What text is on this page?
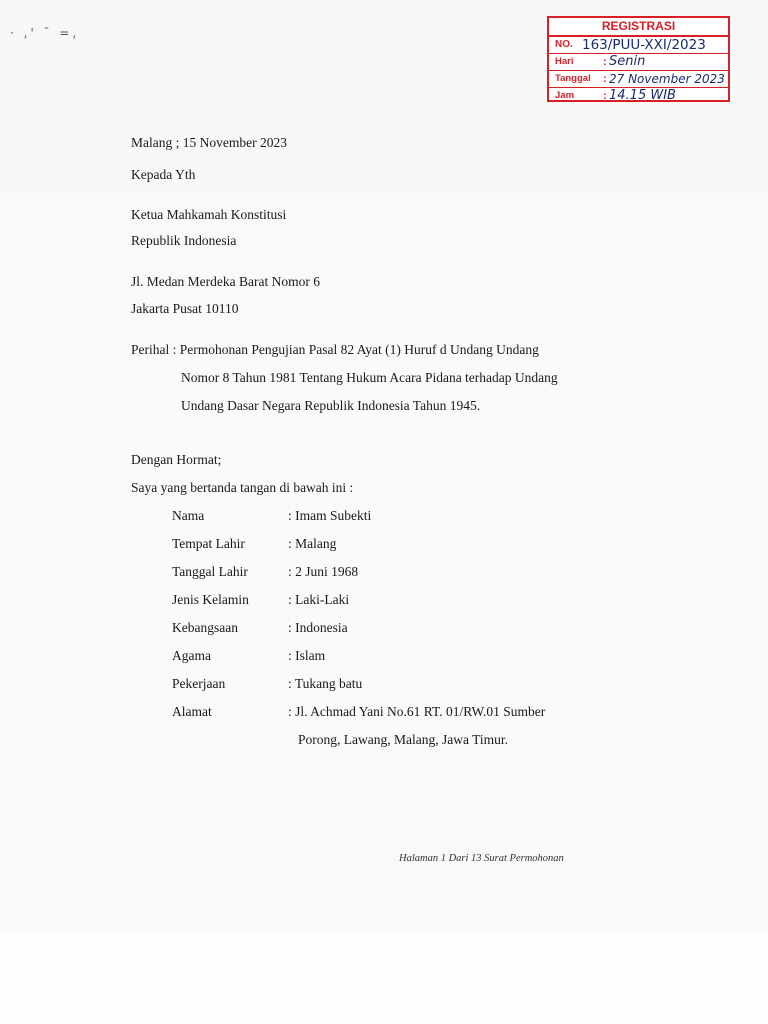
· ,' ˉ =,	REGISTRASI
NO. 163/PUU-XXI/2023
Hari	: Senin
Tanggal : 27 November 2023
Jam	: 14.15 WIB
Malang ; 15 November 2023
Kepada Yth
Ketua Mahkamah Konstitusi
Republik Indonesia
Jl. Medan Merdeka Barat Nomor 6
Jakarta Pusat 10110
Perihal : Permohonan Pengujian Pasal 82 Ayat (1) Huruf d Undang Undang
Nomor 8 Tahun 1981 Tentang Hukum Acara Pidana terhadap Undang
Undang Dasar Negara Republik Indonesia Tahun 1945.
Dengan Hormat;
Saya yang bertanda tangan di bawah ini :
Nama	: Imam Subekti
Tempat Lahir	: Malang
Tanggal Lahir	: 2 Juni 1968
Jenis Kelamin	: Laki-Laki
Kebangsaan	: Indonesia
Agama	: Islam
Pekerjaan	: Tukang batu
Alamat	: Jl. Achmad Yani No.61 RT. 01/RW.01 Sumber
Porong, Lawang, Malang, Jawa Timur.
Halaman 1 Dari 13 Surat Permohonan
